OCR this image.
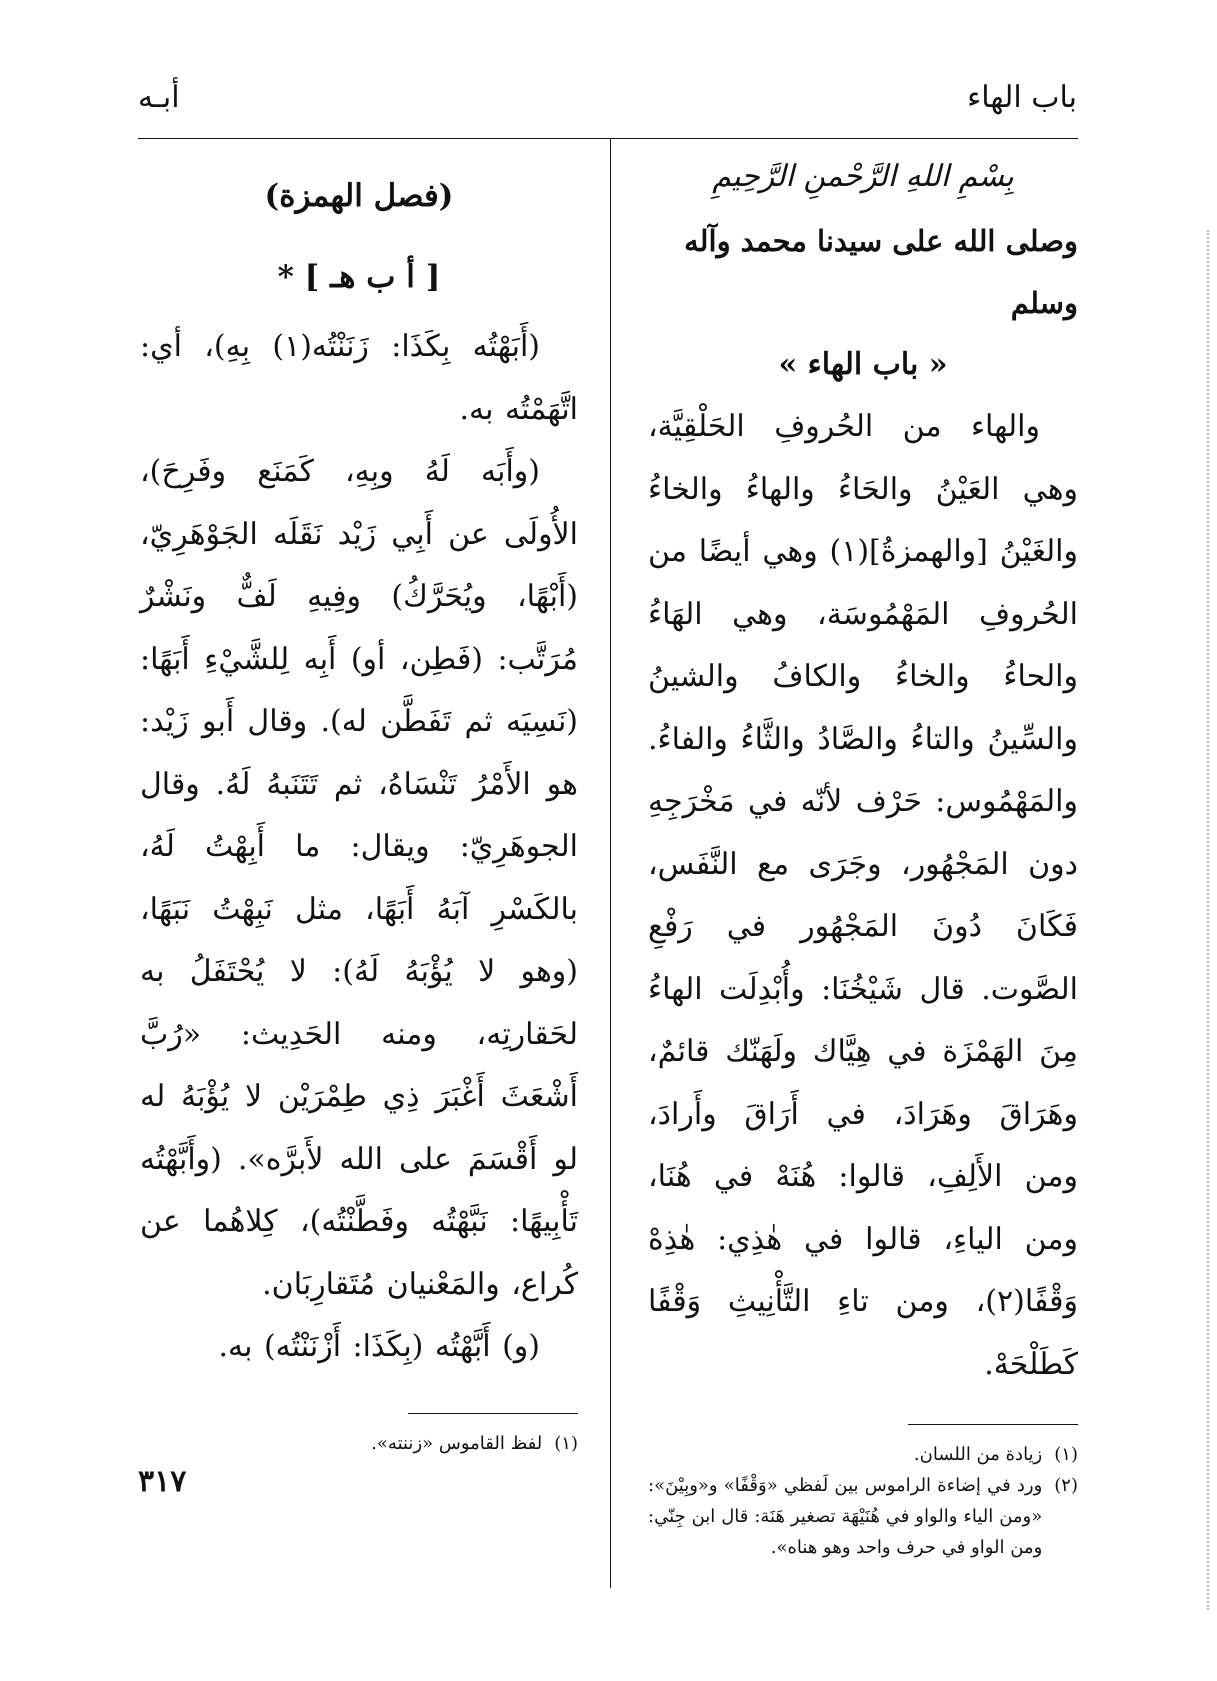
باب الهاء
أبـه
بِسْمِ اللهِ الرَّحْمنِ الرَّحِيمِ
وصلى الله على سيدنا محمد وآله وسلم
« باب الهاء »

والهاء من الحُروفِ الحَلْقِيَّة، وهي العَيْنُ والحَاءُ والهاءُ والخاءُ والغَيْنُ [والهمزةُ](١) وهي أيضًا من الحُروفِ المَهْمُوسَة، وهي الهَاءُ والحاءُ والخاءُ والكافُ والشينُ والسِّينُ والتاءُ والصَّادُ والثَّاءُ والفاءُ. والمَهْمُوس: حَرْف لأنّه في مَخْرَجِهِ دون المَجْهُور، وجَرَى مع النَّفَس، فَكَانَ دُونَ المَجْهُور في رَفْعِ الصَّوت. قال شَيْخُنَا: وأُبْدِلَت الهاءُ مِنَ الهَمْزَة في هِيَّاك ولَهَنّك قائمٌ، وهَرَاقَ وهَرَادَ، في أَرَاقَ وأَرادَ، ومن الأَلِفِ، قالوا: هُنَهْ في هُنَا، ومن الياءِ، قالوا في هٰذِي: هٰذِهْ وَقْفًا(٢)، ومن تاءِ التَّأْنِيثِ وَقْفًا كَطَلْحَهْ.

(١)
زيادة من اللسان.
(٢)
ورد في إضاءة الراموس بين لَفظي «وَقْفًا» و«وبِيْنَ»: «ومن الياء والواو في هُنَيْهَة تصغير هَنَة: قال ابن جِنّي: ومن الواو في حرف واحد وهو هناه».
(فصل الهمزة)
[ أ ب هـ ] *

(أَبَهْتُه بِكَذَا: زَنَنْتُه(١) بِهِ)، أي: اتَّهَمْتُه به.

(وأَبَه لَهُ وبِهِ، كَمَنَع وفَرِحَ)، الأُولَى عن أَبِي زَيْد نَقَلَه الجَوْهَرِيّ، (أَبْهًا، ويُحَرَّكُ) وفِيهِ لَفٌّ ونَشْرٌ مُرَتَّب: (فَطِن، أو) أَبِه لِلشَّيْءِ أَبَهًا: (نَسِيَه ثم تَفَطَّن له). وقال أَبو زَيْد: هو الأَمْرُ تَنْسَاهُ، ثم تَتَنَبهُ لَهُ. وقال الجوهَرِيّ: ويقال: ما أَبِهْتُ لَهُ، بالكَسْرِ آبَهُ أَبَهًا، مثل نَبِهْتُ نَبَهًا، (وهو لا يُؤْبَهُ لَهُ): لا يُحْتَفَلُ به لحَقارتِه، ومنه الحَدِيث: «رُبَّ أَشْعَثَ أَغْبَرَ ذِي طِمْرَيْن لا يُؤْبَهُ له لو أَقْسَمَ على الله لأَبرَّه». (وأَبَّهْتُه تَأْبِيهًا: نَبَّهْتُه وفَطَّنْتُه)، كِلاهُما عن كُراع، والمَعْنيان مُتَقارِبَان.

(و) أَبَّهْتُه (بِكَذَا: أَزْنَنْتُه) به.

(١)
لفظ القاموس «زننته».
٣١٧
